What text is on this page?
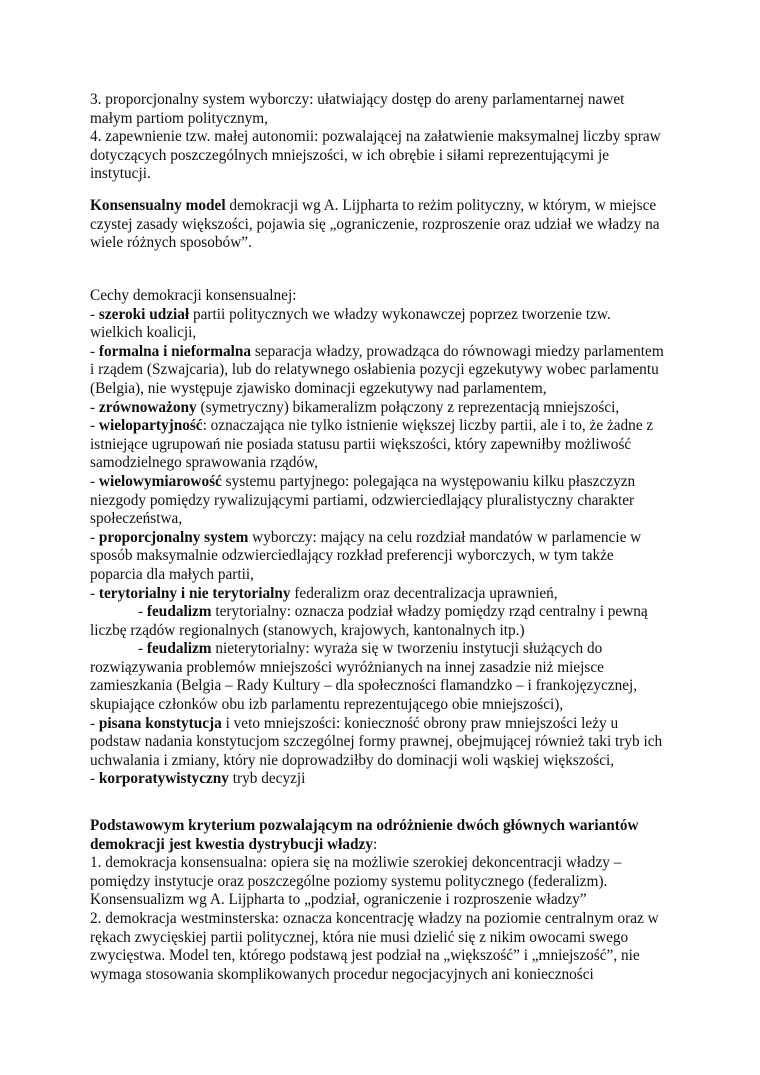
3. proporcjonalny system wyborczy: ułatwiający dostęp do areny parlamentarnej nawet
małym partiom politycznym,
4. zapewnienie tzw. małej autonomii: pozwalającej na załatwienie maksymalnej liczby spraw
dotyczących poszczególnych mniejszości, w ich obrębie i siłami reprezentującymi je
instytucji.
Konsensualny model demokracji wg A. Lijpharta to reżim polityczny, w którym, w miejsce
czystej zasady większości, pojawia się „ograniczenie, rozproszenie oraz udział we władzy na
wiele różnych sposobów”.
Cechy demokracji konsensualnej:
- szeroki udział partii politycznych we władzy wykonawczej poprzez tworzenie tzw.
wielkich koalicji,
- formalna i nieformalna separacja władzy, prowadząca do równowagi miedzy parlamentem
i rządem (Szwajcaria), lub do relatywnego osłabienia pozycji egzekutywy wobec parlamentu
(Belgia), nie występuje zjawisko dominacji egzekutywy nad parlamentem,
- zrównoważony (symetryczny) bikameralizm połączony z reprezentacją mniejszości,
- wielopartyjność: oznaczająca nie tylko istnienie większej liczby partii, ale i to, że żadne z
istniejące ugrupowań nie posiada statusu partii większości, który zapewniłby możliwość
samodzielnego sprawowania rządów,
- wielowymiarowość systemu partyjnego: polegająca na występowaniu kilku płaszczyzn
niezgody pomiędzy rywalizującymi partiami, odzwierciedlający pluralistyczny charakter
społeczeństwa,
- proporcjonalny system wyborczy: mający na celu rozdział mandatów w parlamencie w
sposób maksymalnie odzwierciedlający rozkład preferencji wyborczych, w tym także
poparcia dla małych partii,
- terytorialny i nie terytorialny federalizm oraz decentralizacja uprawnień,
- feudalizm terytorialny: oznacza podział władzy pomiędzy rząd centralny i pewną
liczbę rządów regionalnych (stanowych, krajowych, kantonalnych itp.)
- feudalizm nieterytorialny: wyraża się w tworzeniu instytucji służących do
rozwiązywania problemów mniejszości wyróżnianych na innej zasadzie niż miejsce
zamieszkania (Belgia – Rady Kultury – dla społeczności flamandzko – i frankojęzycznej,
skupiające członków obu izb parlamentu reprezentującego obie mniejszości),
- pisana konstytucja i veto mniejszości: konieczność obrony praw mniejszości leży u
podstaw nadania konstytucjom szczególnej formy prawnej, obejmującej również taki tryb ich
uchwalania i zmiany, który nie doprowadziłby do dominacji woli wąskiej większości,
- korporatywistyczny tryb decyzji
Podstawowym kryterium pozwalającym na odróżnienie dwóch głównych wariantów
demokracji jest kwestia dystrybucji władzy:
1. demokracja konsensualna: opiera się na możliwie szerokiej dekoncentracji władzy –
pomiędzy instytucje oraz poszczególne poziomy systemu politycznego (federalizm).
Konsensualizm wg A. Lijpharta to „podział, ograniczenie i rozproszenie władzy”
2. demokracja westminsterska: oznacza koncentrację władzy na poziomie centralnym oraz w
rękach zwycięskiej partii politycznej, która nie musi dzielić się z nikim owocami swego
zwycięstwa. Model ten, którego podstawą jest podział na „większość” i „mniejszość”, nie
wymaga stosowania skomplikowanych procedur negocjacyjnych ani konieczności
